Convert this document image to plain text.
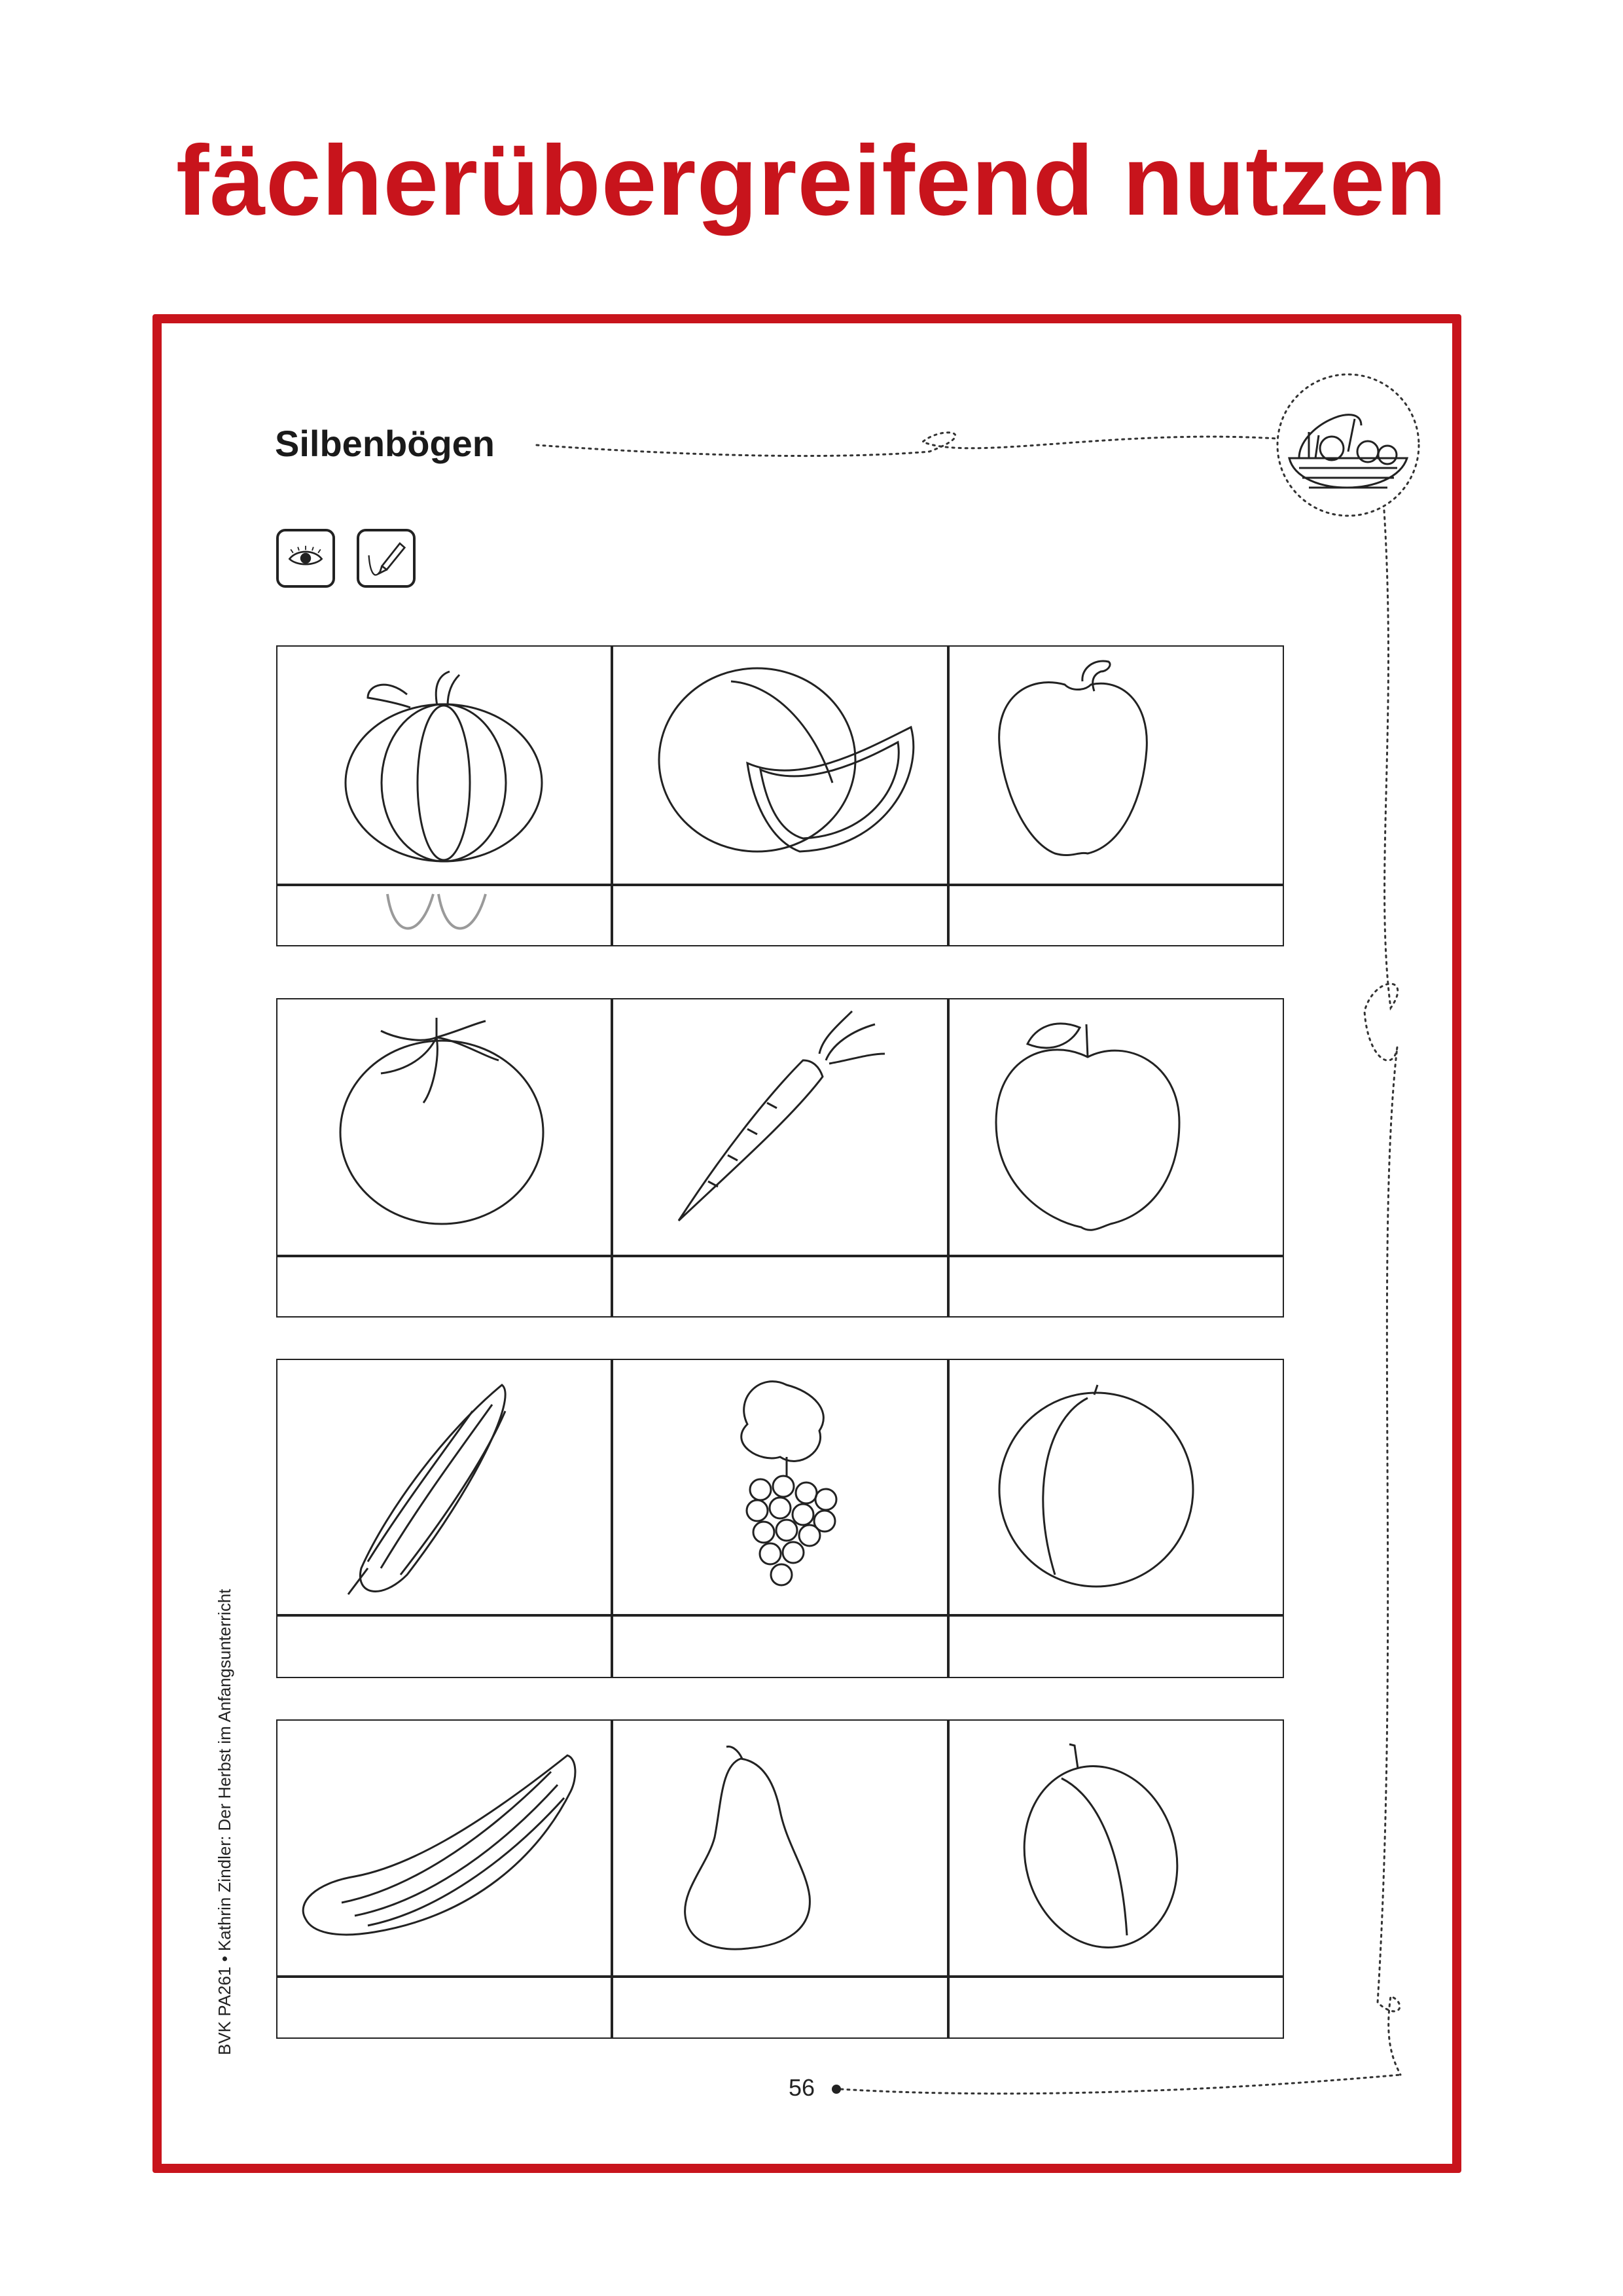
fächerübergreifend nutzen
Silbenbögen
BVK PA261 • Kathrin Zindler: Der Herbst im Anfangsunterricht
56
